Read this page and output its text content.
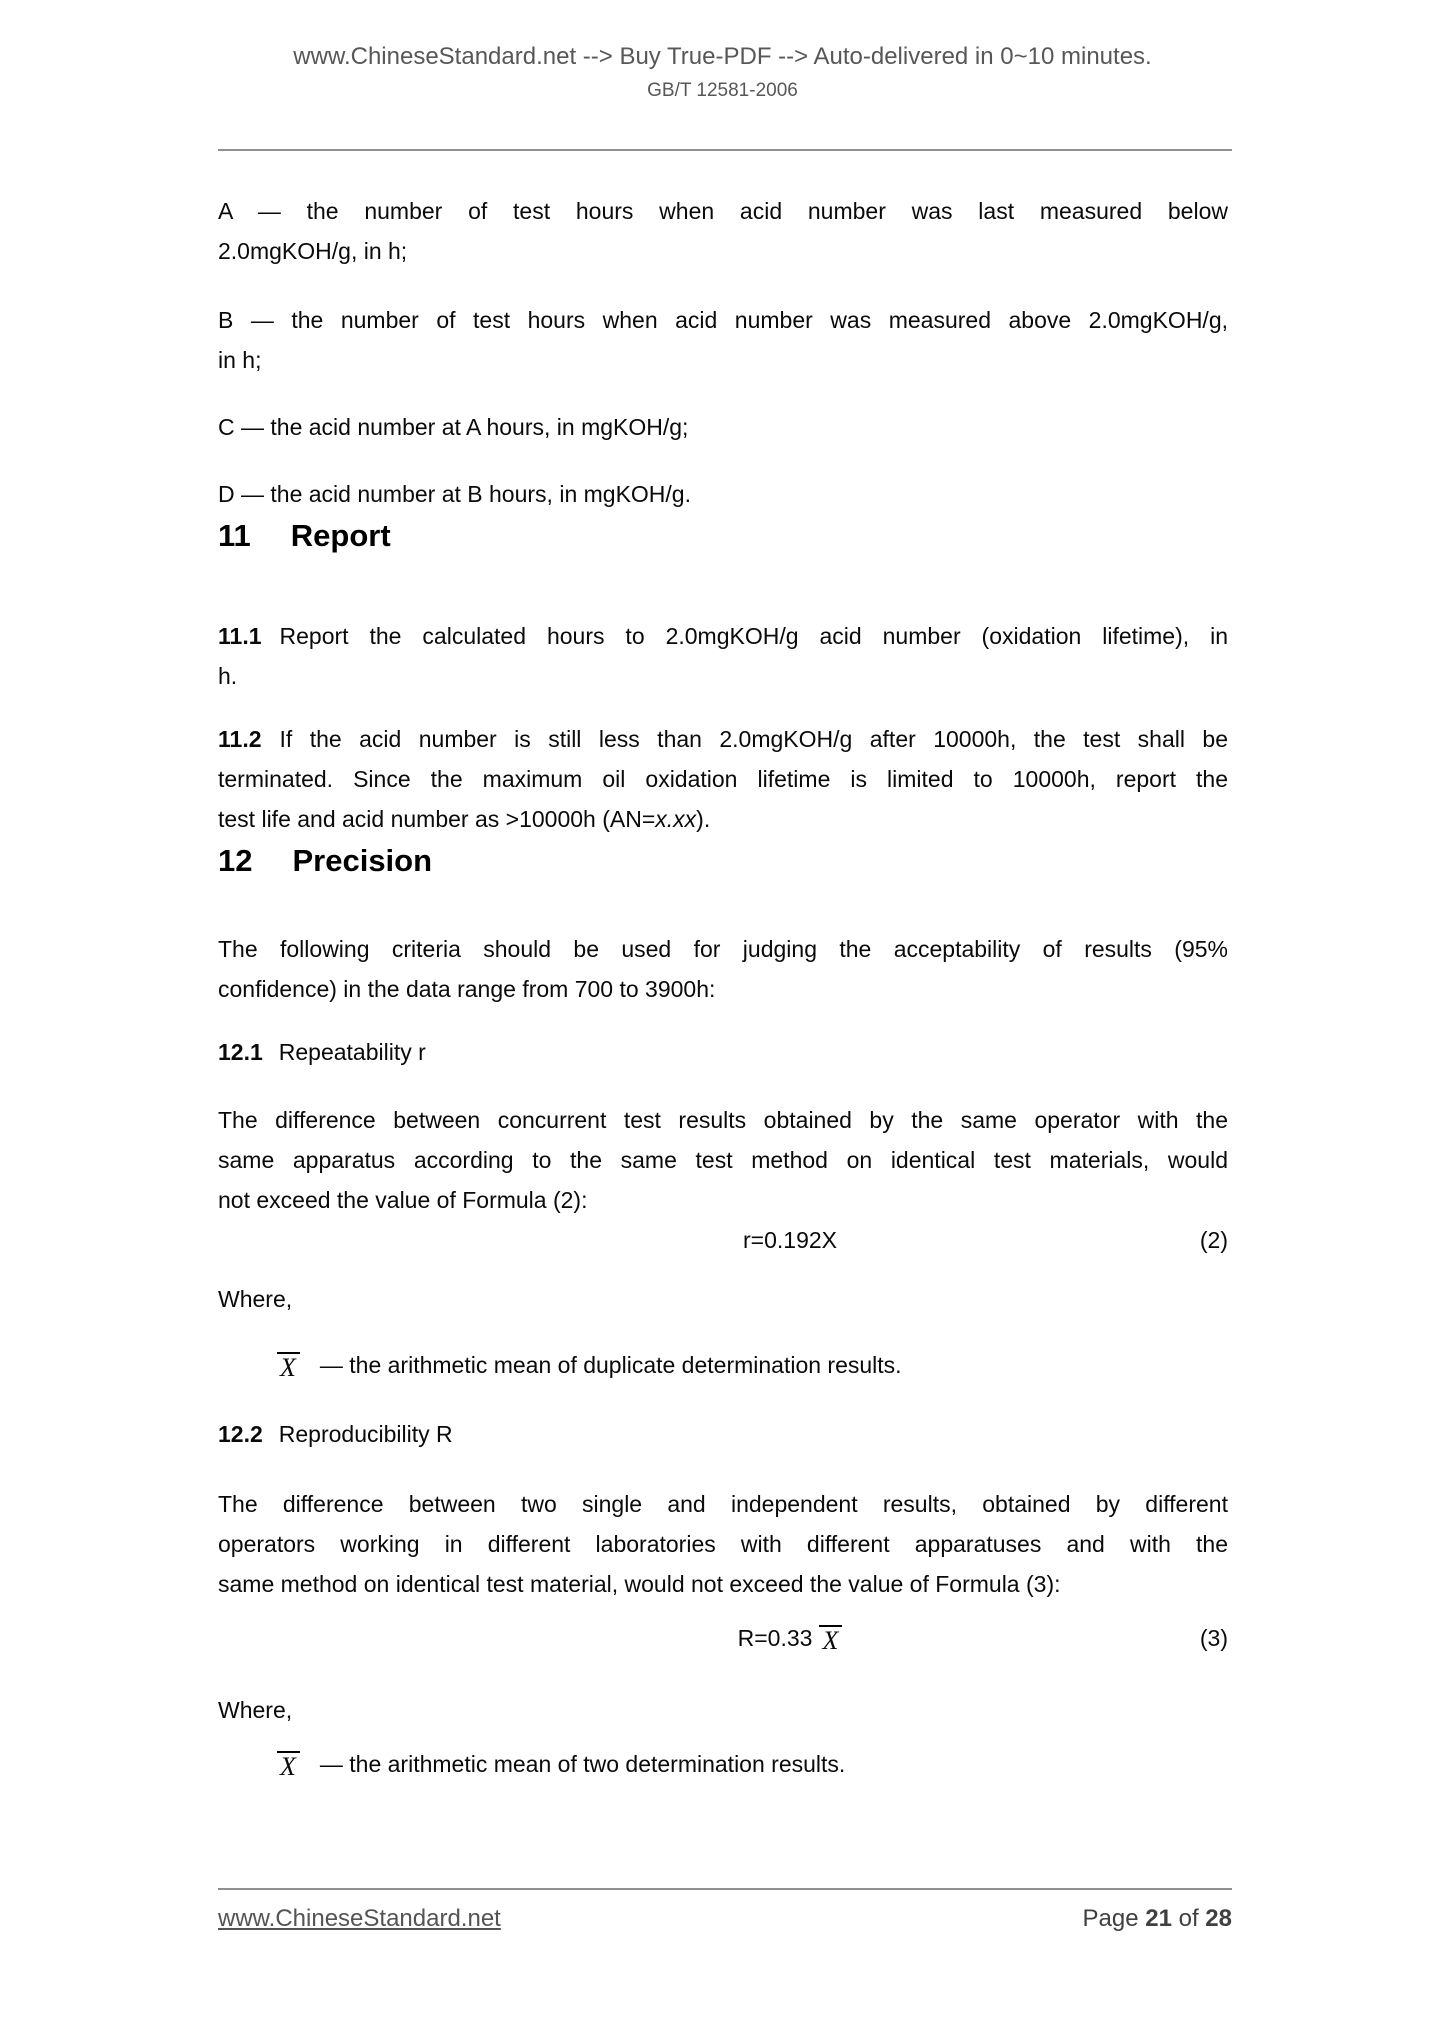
www.ChineseStandard.net --> Buy True-PDF --> Auto-delivered in 0~10 minutes.
GB/T 12581-2006
A — the number of test hours when acid number was last measured below
2.0mgKOH/g, in h;
B — the number of test hours when acid number was measured above 2.0mgKOH/g,
in h;
C — the acid number at A hours, in mgKOH/g;
D — the acid number at B hours, in mgKOH/g.
11 Report
11.1 Report the calculated hours to 2.0mgKOH/g acid number (oxidation lifetime), in
h.
11.2 If the acid number is still less than 2.0mgKOH/g after 10000h, the test shall be
terminated. Since the maximum oil oxidation lifetime is limited to 10000h, report the
test life and acid number as >10000h (AN=x.xx).
12 Precision
The following criteria should be used for judging the acceptability of results (95%
confidence) in the data range from 700 to 3900h:
12.1 Repeatability r
The difference between concurrent test results obtained by the same operator with the
same apparatus according to the same test method on identical test materials, would
not exceed the value of Formula (2):
r=0.192X	(2)
Where,
X — the arithmetic mean of duplicate determination results.
12.2 Reproducibility R
The difference between two single and independent results, obtained by different
operators working in different laboratories with different apparatuses and with the
same method on identical test material, would not exceed the value of Formula (3):
R=0.33 X	(3)
Where,
X — the arithmetic mean of two determination results.
www.ChineseStandard.net	Page 21 of 28
